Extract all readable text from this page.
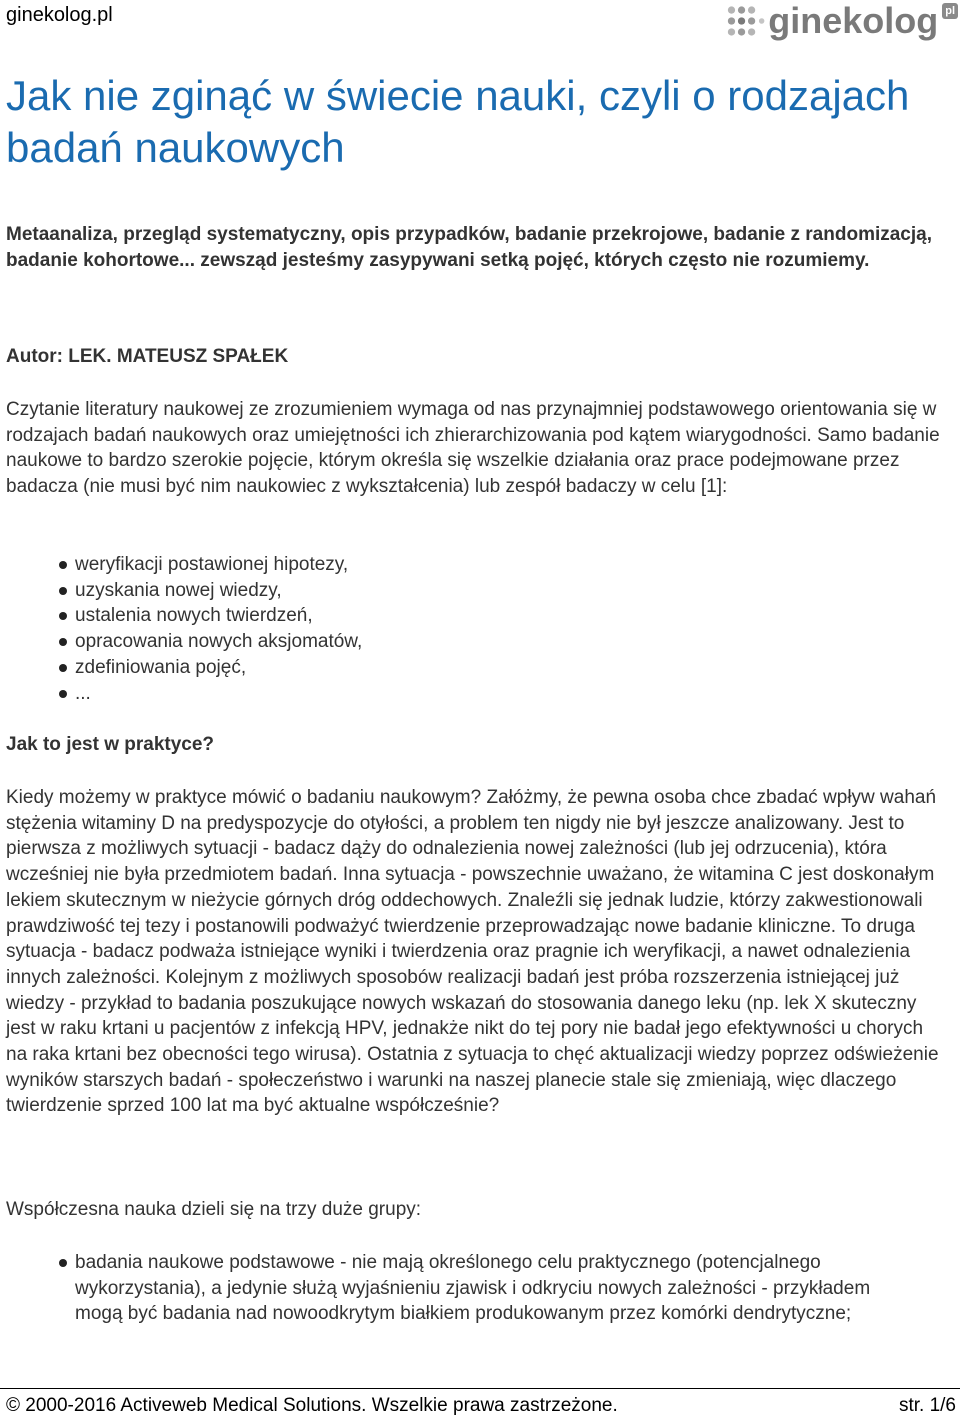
ginekolog.pl	ginekolog pl
Jak nie zginąć w świecie nauki, czyli o rodzajach badań naukowych

Metaanaliza, przegląd systematyczny, opis przypadków, badanie przekrojowe, badanie z randomizacją, badanie kohortowe... zewsząd jesteśmy zasypywani setką pojęć, których często nie rozumiemy.

Autor: LEK. MATEUSZ SPAŁEK

Czytanie literatury naukowej ze zrozumieniem wymaga od nas przynajmniej podstawowego orientowania się w rodzajach badań naukowych oraz umiejętności ich zhierarchizowania pod kątem wiarygodności. Samo badanie naukowe to bardzo szerokie pojęcie, którym określa się wszelkie działania oraz prace podejmowane przez badacza (nie musi być nim naukowiec z wykształcenia) lub zespół badaczy w celu [1]:

weryfikacji postawionej hipotezy,
uzyskania nowej wiedzy,
ustalenia nowych twierdzeń,
opracowania nowych aksjomatów,
zdefiniowania pojęć,
...

Jak to jest w praktyce?

Kiedy możemy w praktyce mówić o badaniu naukowym? Załóżmy, że pewna osoba chce zbadać wpływ wahań stężenia witaminy D na predyspozycje do otyłości, a problem ten nigdy nie był jeszcze analizowany. Jest to pierwsza z możliwych sytuacji - badacz dąży do odnalezienia nowej zależności (lub jej odrzucenia), która wcześniej nie była przedmiotem badań. Inna sytuacja - powszechnie uważano, że witamina C jest doskonałym lekiem skutecznym w nieżycie górnych dróg oddechowych. Znaleźli się jednak ludzie, którzy zakwestionowali prawdziwość tej tezy i postanowili podważyć twierdzenie przeprowadzając nowe badanie kliniczne. To druga sytuacja - badacz podważa istniejące wyniki i twierdzenia oraz pragnie ich weryfikacji, a nawet odnalezienia innych zależności. Kolejnym z możliwych sposobów realizacji badań jest próba rozszerzenia istniejącej już wiedzy - przykład to badania poszukujące nowych wskazań do stosowania danego leku (np. lek X skuteczny jest w raku krtani u pacjentów z infekcją HPV, jednakże nikt do tej pory nie badał jego efektywności u chorych na raka krtani bez obecności tego wirusa). Ostatnia z sytuacja to chęć aktualizacji wiedzy poprzez odświeżenie wyników starszych badań - społeczeństwo i warunki na naszej planecie stale się zmieniają, więc dlaczego twierdzenie sprzed 100 lat ma być aktualne współcześnie?

Współczesna nauka dzieli się na trzy duże grupy:

badania naukowe podstawowe - nie mają określonego celu praktycznego (potencjalnego wykorzystania), a jedynie służą wyjaśnieniu zjawisk i odkryciu nowych zależności - przykładem mogą być badania nad nowoodkrytym białkiem produkowanym przez komórki dendrytyczne;
© 2000-2016 Activeweb Medical Solutions. Wszelkie prawa zastrzeżone.	str. 1/6
